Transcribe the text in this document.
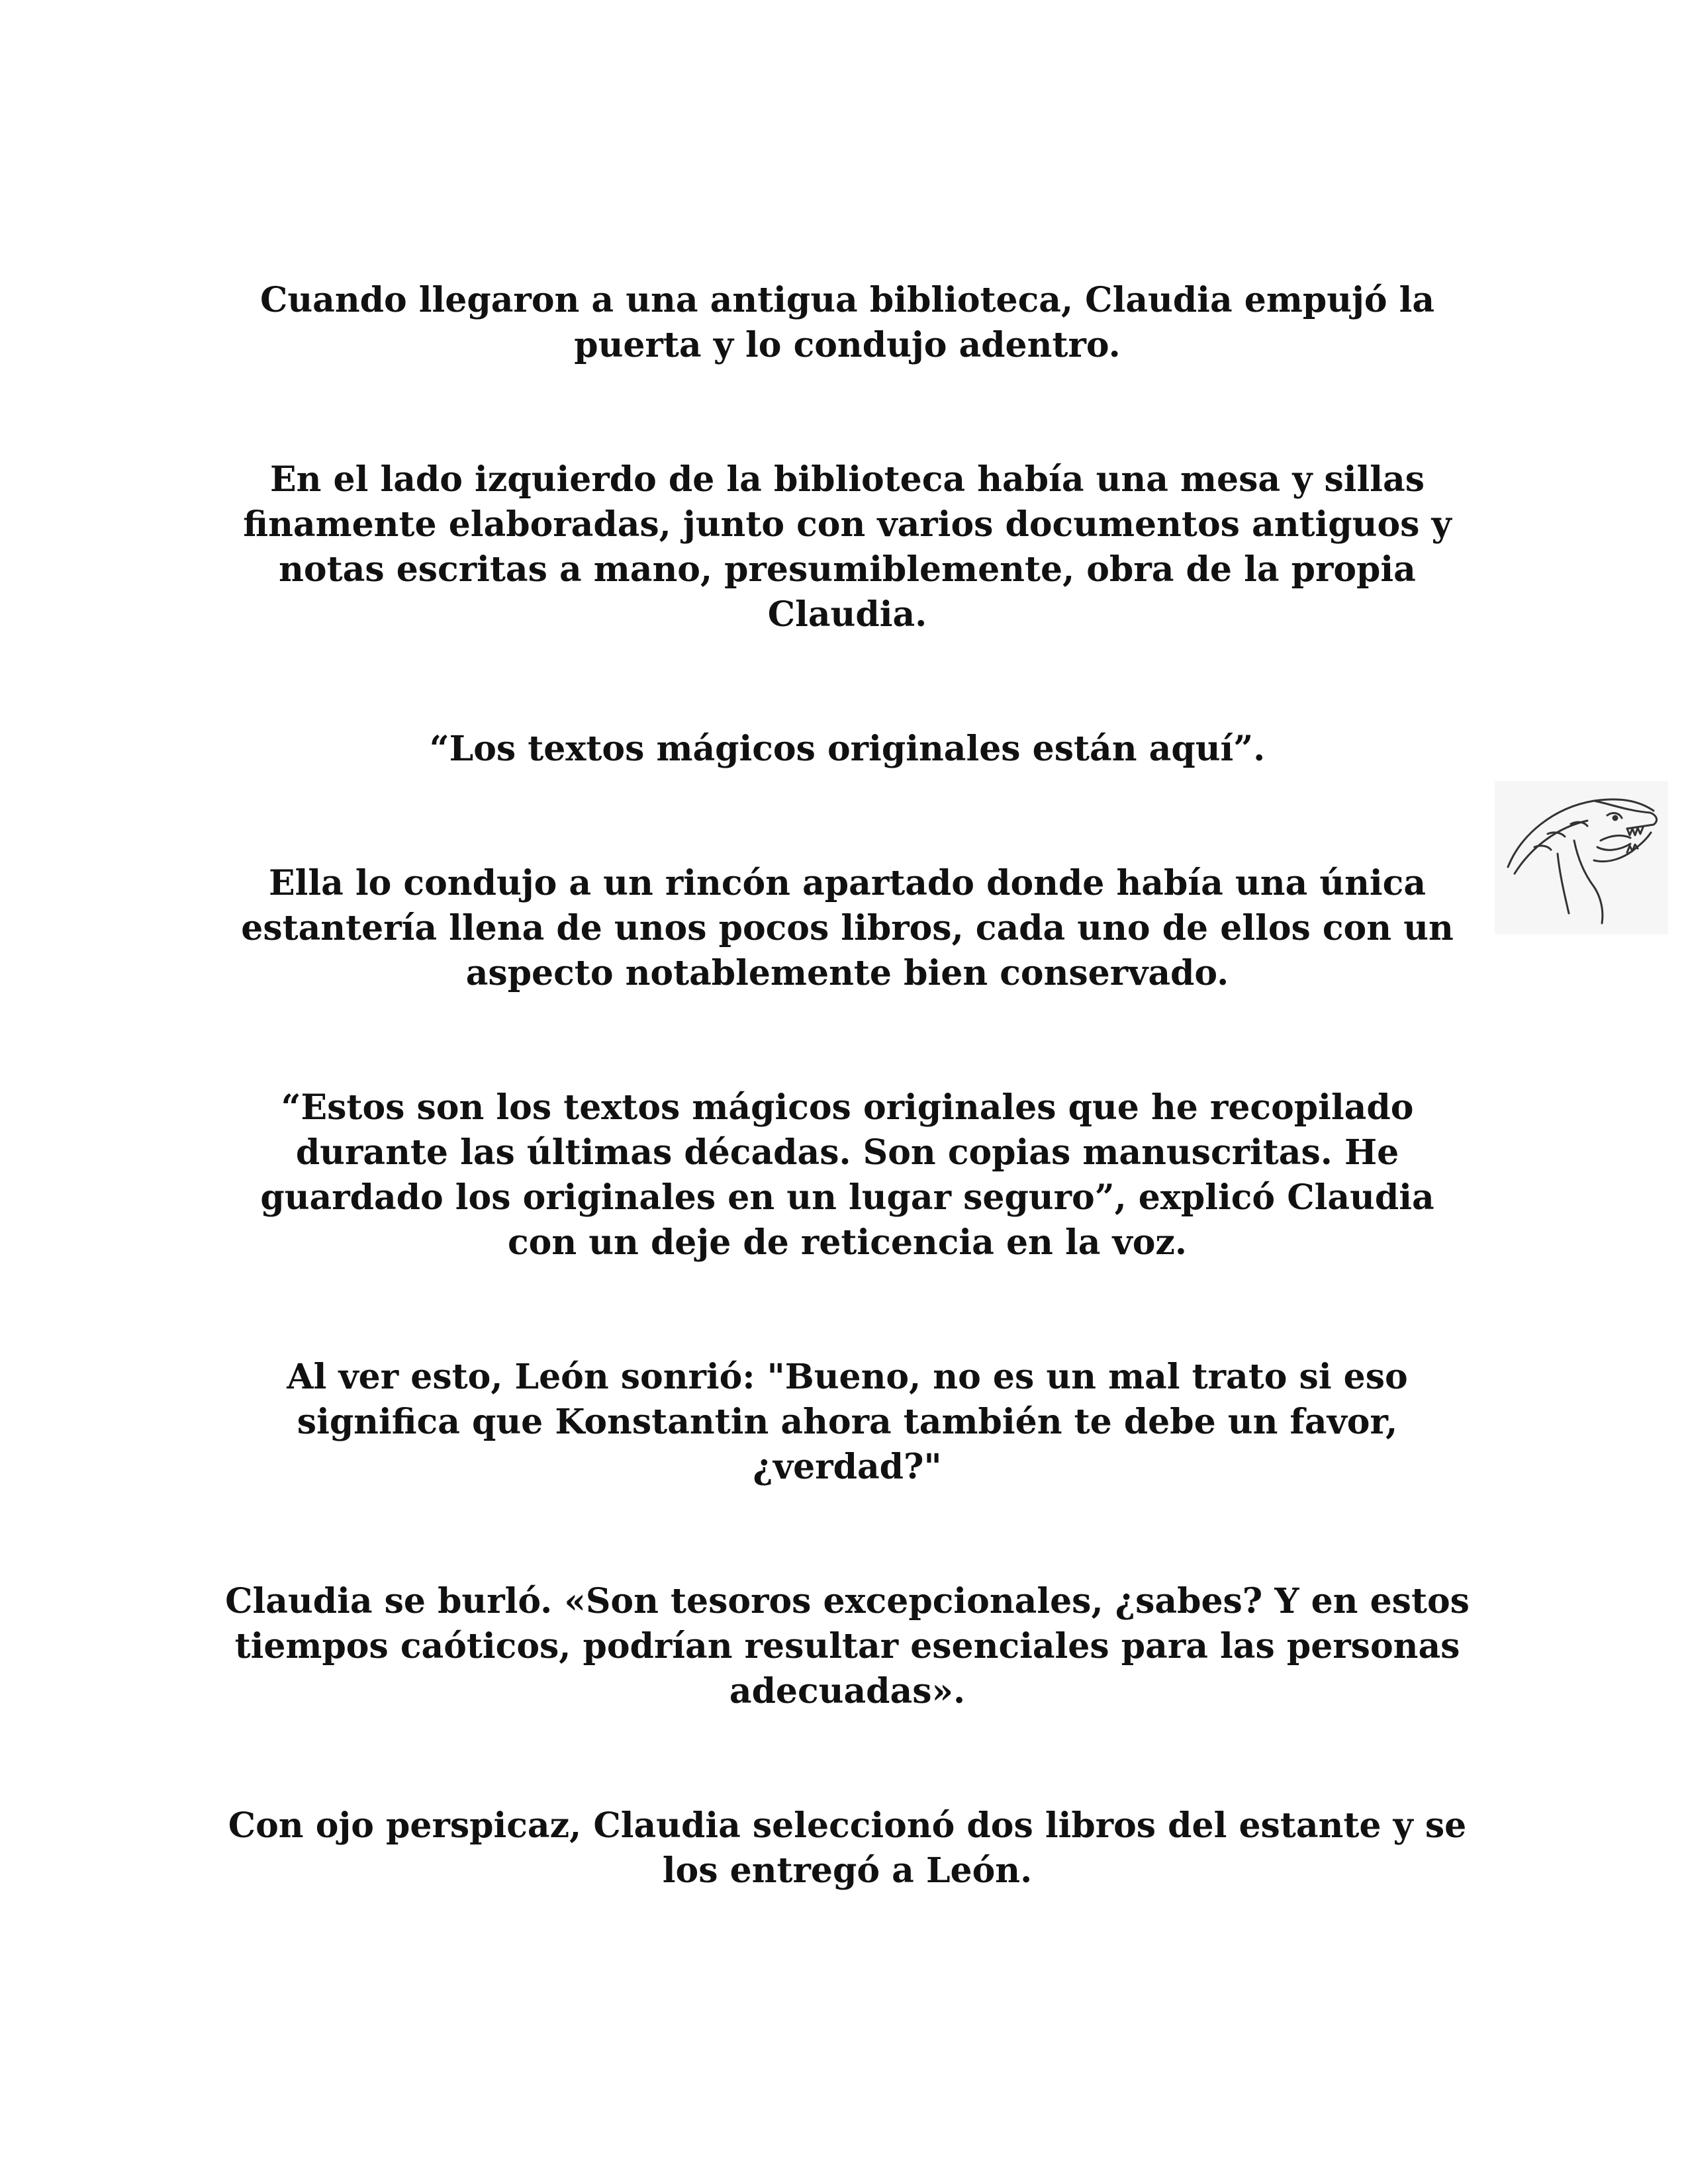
Cuando llegaron a una antigua biblioteca, Claudia empujó la puerta y lo condujo adentro.

En el lado izquierdo de la biblioteca había una mesa y sillas finamente elaboradas, junto con varios documentos antiguos y notas escritas a mano, presumiblemente, obra de la propia Claudia.

“Los textos mágicos originales están aquí”.

Ella lo condujo a un rincón apartado donde había una única estantería llena de unos pocos libros, cada uno de ellos con un aspecto notablemente bien conservado.

“Estos son los textos mágicos originales que he recopilado durante las últimas décadas. Son copias manuscritas. He guardado los originales en un lugar seguro”, explicó Claudia con un deje de reticencia en la voz.

Al ver esto, León sonrió: "Bueno, no es un mal trato si eso significa que Konstantin ahora también te debe un favor, ¿verdad?"

Claudia se burló. «Son tesoros excepcionales, ¿sabes? Y en estos tiempos caóticos, podrían resultar esenciales para las personas adecuadas».

Con ojo perspicaz, Claudia seleccionó dos libros del estante y se los entregó a León.
